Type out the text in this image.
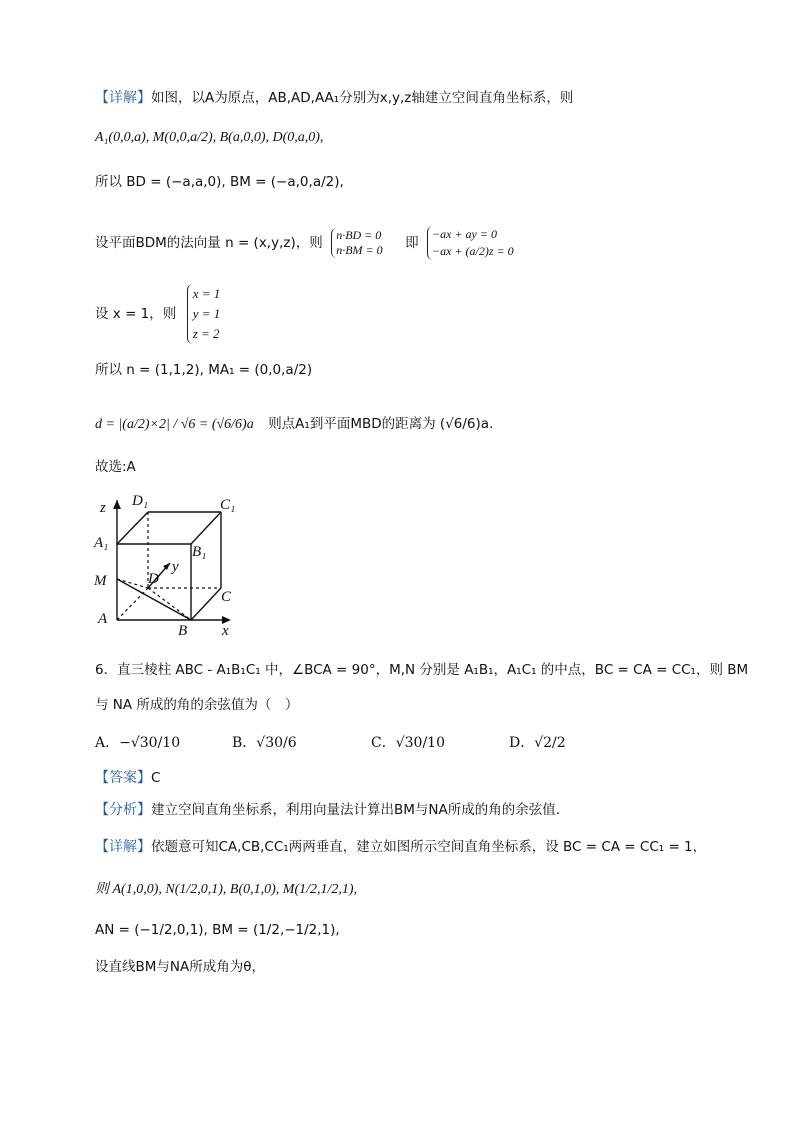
【详解】如图，以A为原点，AB,AD,AA₁分别为x,y,z轴建立空间直角坐标系，则
A₁(0,0,a), M(0,0,a/2), B(a,0,0), D(0,a,0),
所以 BD = (−a,a,0), BM = (−a,0,a/2),
设平面BDM的法向量 n = (x,y,z)，则 n·BD = 0
n·BM = 0 即
−ax + ay = 0
−ax + (a/2)z = 0
设 x = 1，则
x = 1
y = 1
z = 2
所以 n = (1,1,2), MA₁ = (0,0,a/2)
d = |(a/2)×2| / √6 = (√6/6)a 则点A₁到平面MBD的距离为 (√6/6)a.
故选:A
z D₁	C₁
A₁
B₁
M	D
y
C
A
B x
6．直三棱柱 ABC - A₁B₁C₁ 中，∠BCA = 90°，M,N 分别是 A₁B₁，A₁C₁ 的中点，BC = CA = CC₁，则 BM
与 NA 所成的角的余弦值为（　）
A．−√30/10	B．√30/6	C．√30/10	D．√2/2
【答案】C
【分析】建立空间直角坐标系，利用向量法计算出BM与NA所成的角的余弦值.
【详解】依题意可知CA,CB,CC₁两两垂直，建立如图所示空间直角坐标系，设 BC = CA = CC₁ = 1，
则 A(1,0,0), N(1/2,0,1), B(0,1,0), M(1/2,1/2,1),
AN = (−1/2,0,1), BM = (1/2,−1/2,1),
设直线BM与NA所成角为θ，
